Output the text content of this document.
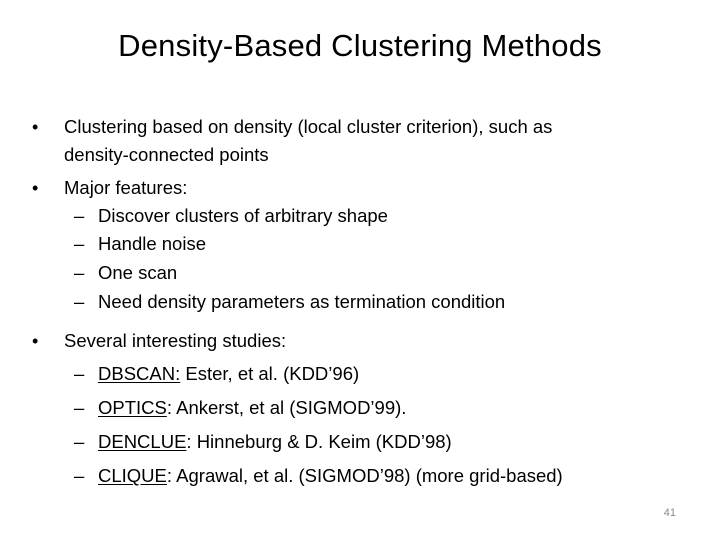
Density-Based Clustering Methods
• Clustering based on density (local cluster criterion), such as
density-connected points
• Major features:
– Discover clusters of arbitrary shape
– Handle noise
– One scan
– Need density parameters as termination condition
• Several interesting studies:
– DBSCAN: Ester, et al. (KDD’96)
– OPTICS: Ankerst, et al (SIGMOD’99).
– DENCLUE: Hinneburg & D. Keim (KDD’98)
– CLIQUE: Agrawal, et al. (SIGMOD’98) (more grid-based)
41
